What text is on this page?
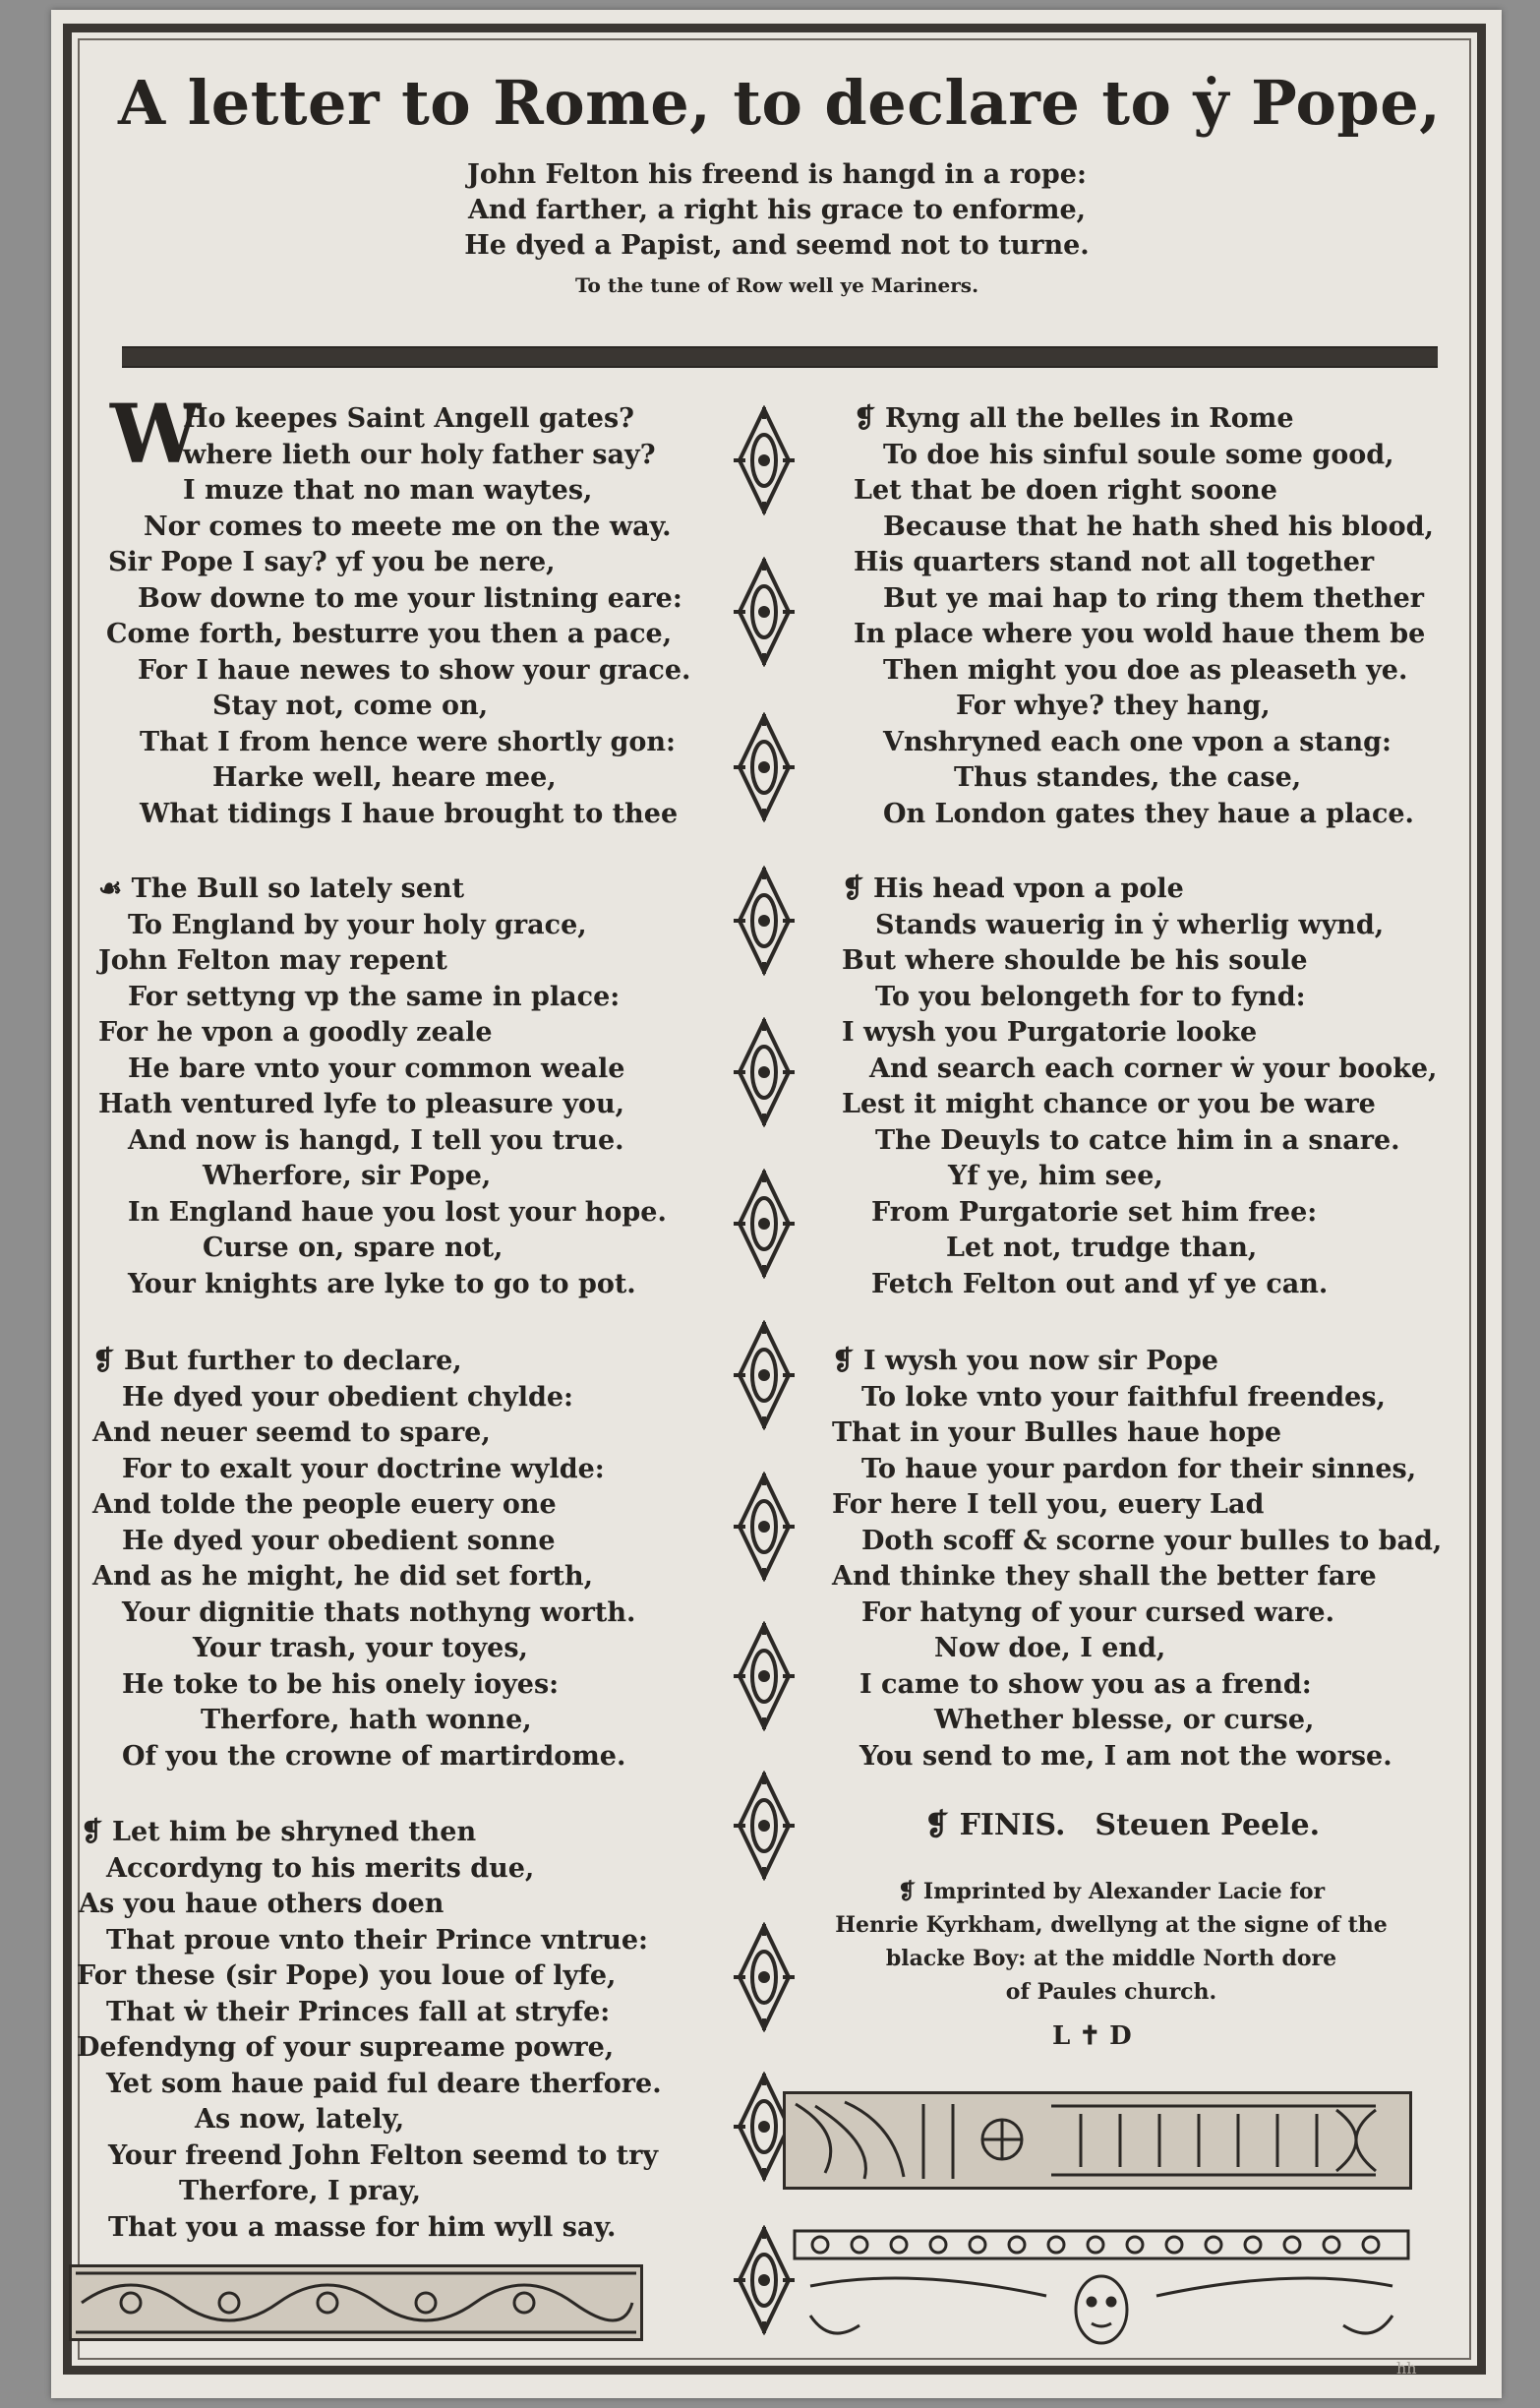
A letter to Rome, to declare to ẏ Pope,
John Felton his freend is hangd in a rope:
And farther, a right his grace to enforme,
He dyed a Papist, and seemd not to turne.
To the tune of Row well ye Mariners.
W
Ho keepes Saint Angell gates?
where lieth our holy father say?
I muze that no man waytes,
Nor comes to meete me on the way.
Sir Pope I say? yf you be nere,
Bow downe to me your listning eare:
Come forth, besturre you then a pace,
For I haue newes to show your grace.
Stay not, come on,
That I from hence were shortly gon:
Harke well, heare mee,
What tidings I haue brought to thee
☙ The Bull so lately sent
To England by your holy grace,
John Felton may repent
For settyng vp the same in place:
For he vpon a goodly zeale
He bare vnto your common weale
Hath ventured lyfe to pleasure you,
And now is hangd, I tell you true.
Wherfore, sir Pope,
In England haue you lost your hope.
Curse on, spare not,
Your knights are lyke to go to pot.
❡ But further to declare,
He dyed your obedient chylde:
And neuer seemd to spare,
For to exalt your doctrine wylde:
And tolde the people euery one
He dyed your obedient sonne
And as he might, he did set forth,
Your dignitie thats nothyng worth.
Your trash, your toyes,
He toke to be his onely ioyes:
Therfore, hath wonne,
Of you the crowne of martirdome.
❡ Let him be shryned then
Accordyng to his merits due,
As you haue others doen
That proue vnto their Prince vntrue:
For these (sir Pope) you loue of lyfe,
That ẇ their Princes fall at stryfe:
Defendyng of your supreame powre,
Yet som haue paid ful deare therfore.
As now, lately,
Your freend John Felton seemd to try
Therfore, I pray,
That you a masse for him wyll say.
❡ Ryng all the belles in Rome
To doe his sinful soule some good,
Let that be doen right soone
Because that he hath shed his blood,
His quarters stand not all together
But ye mai hap to ring them thether
In place where you wold haue them be
Then might you doe as pleaseth ye.
For whye? they hang,
Vnshryned each one vpon a stang:
Thus standes, the case,
On London gates they haue a place.
❡ His head vpon a pole
Stands wauerig in ẏ wherlig wynd,
But where shoulde be his soule
To you belongeth for to fynd:
I wysh you Purgatorie looke
And search each corner ẇ your booke,
Lest it might chance or you be ware
The Deuyls to catce him in a snare.
Yf ye, him see,
From Purgatorie set him free:
Let not, trudge than,
Fetch Felton out and yf ye can.
❡ I wysh you now sir Pope
To loke vnto your faithful freendes,
That in your Bulles haue hope
To haue your pardon for their sinnes,
For here I tell you, euery Lad
Doth scoff & scorne your bulles to bad,
And thinke they shall the better fare
For hatyng of your cursed ware.
Now doe, I end,
I came to show you as a frend:
Whether blesse, or curse,
You send to me, I am not the worse.
❡ FINIS. Steuen Peele.
❡ Imprinted by Alexander Lacie for
Henrie Kyrkham, dwellyng at the signe of the
blacke Boy: at the middle North dore
of Paules church.
L ✝ D
hh
